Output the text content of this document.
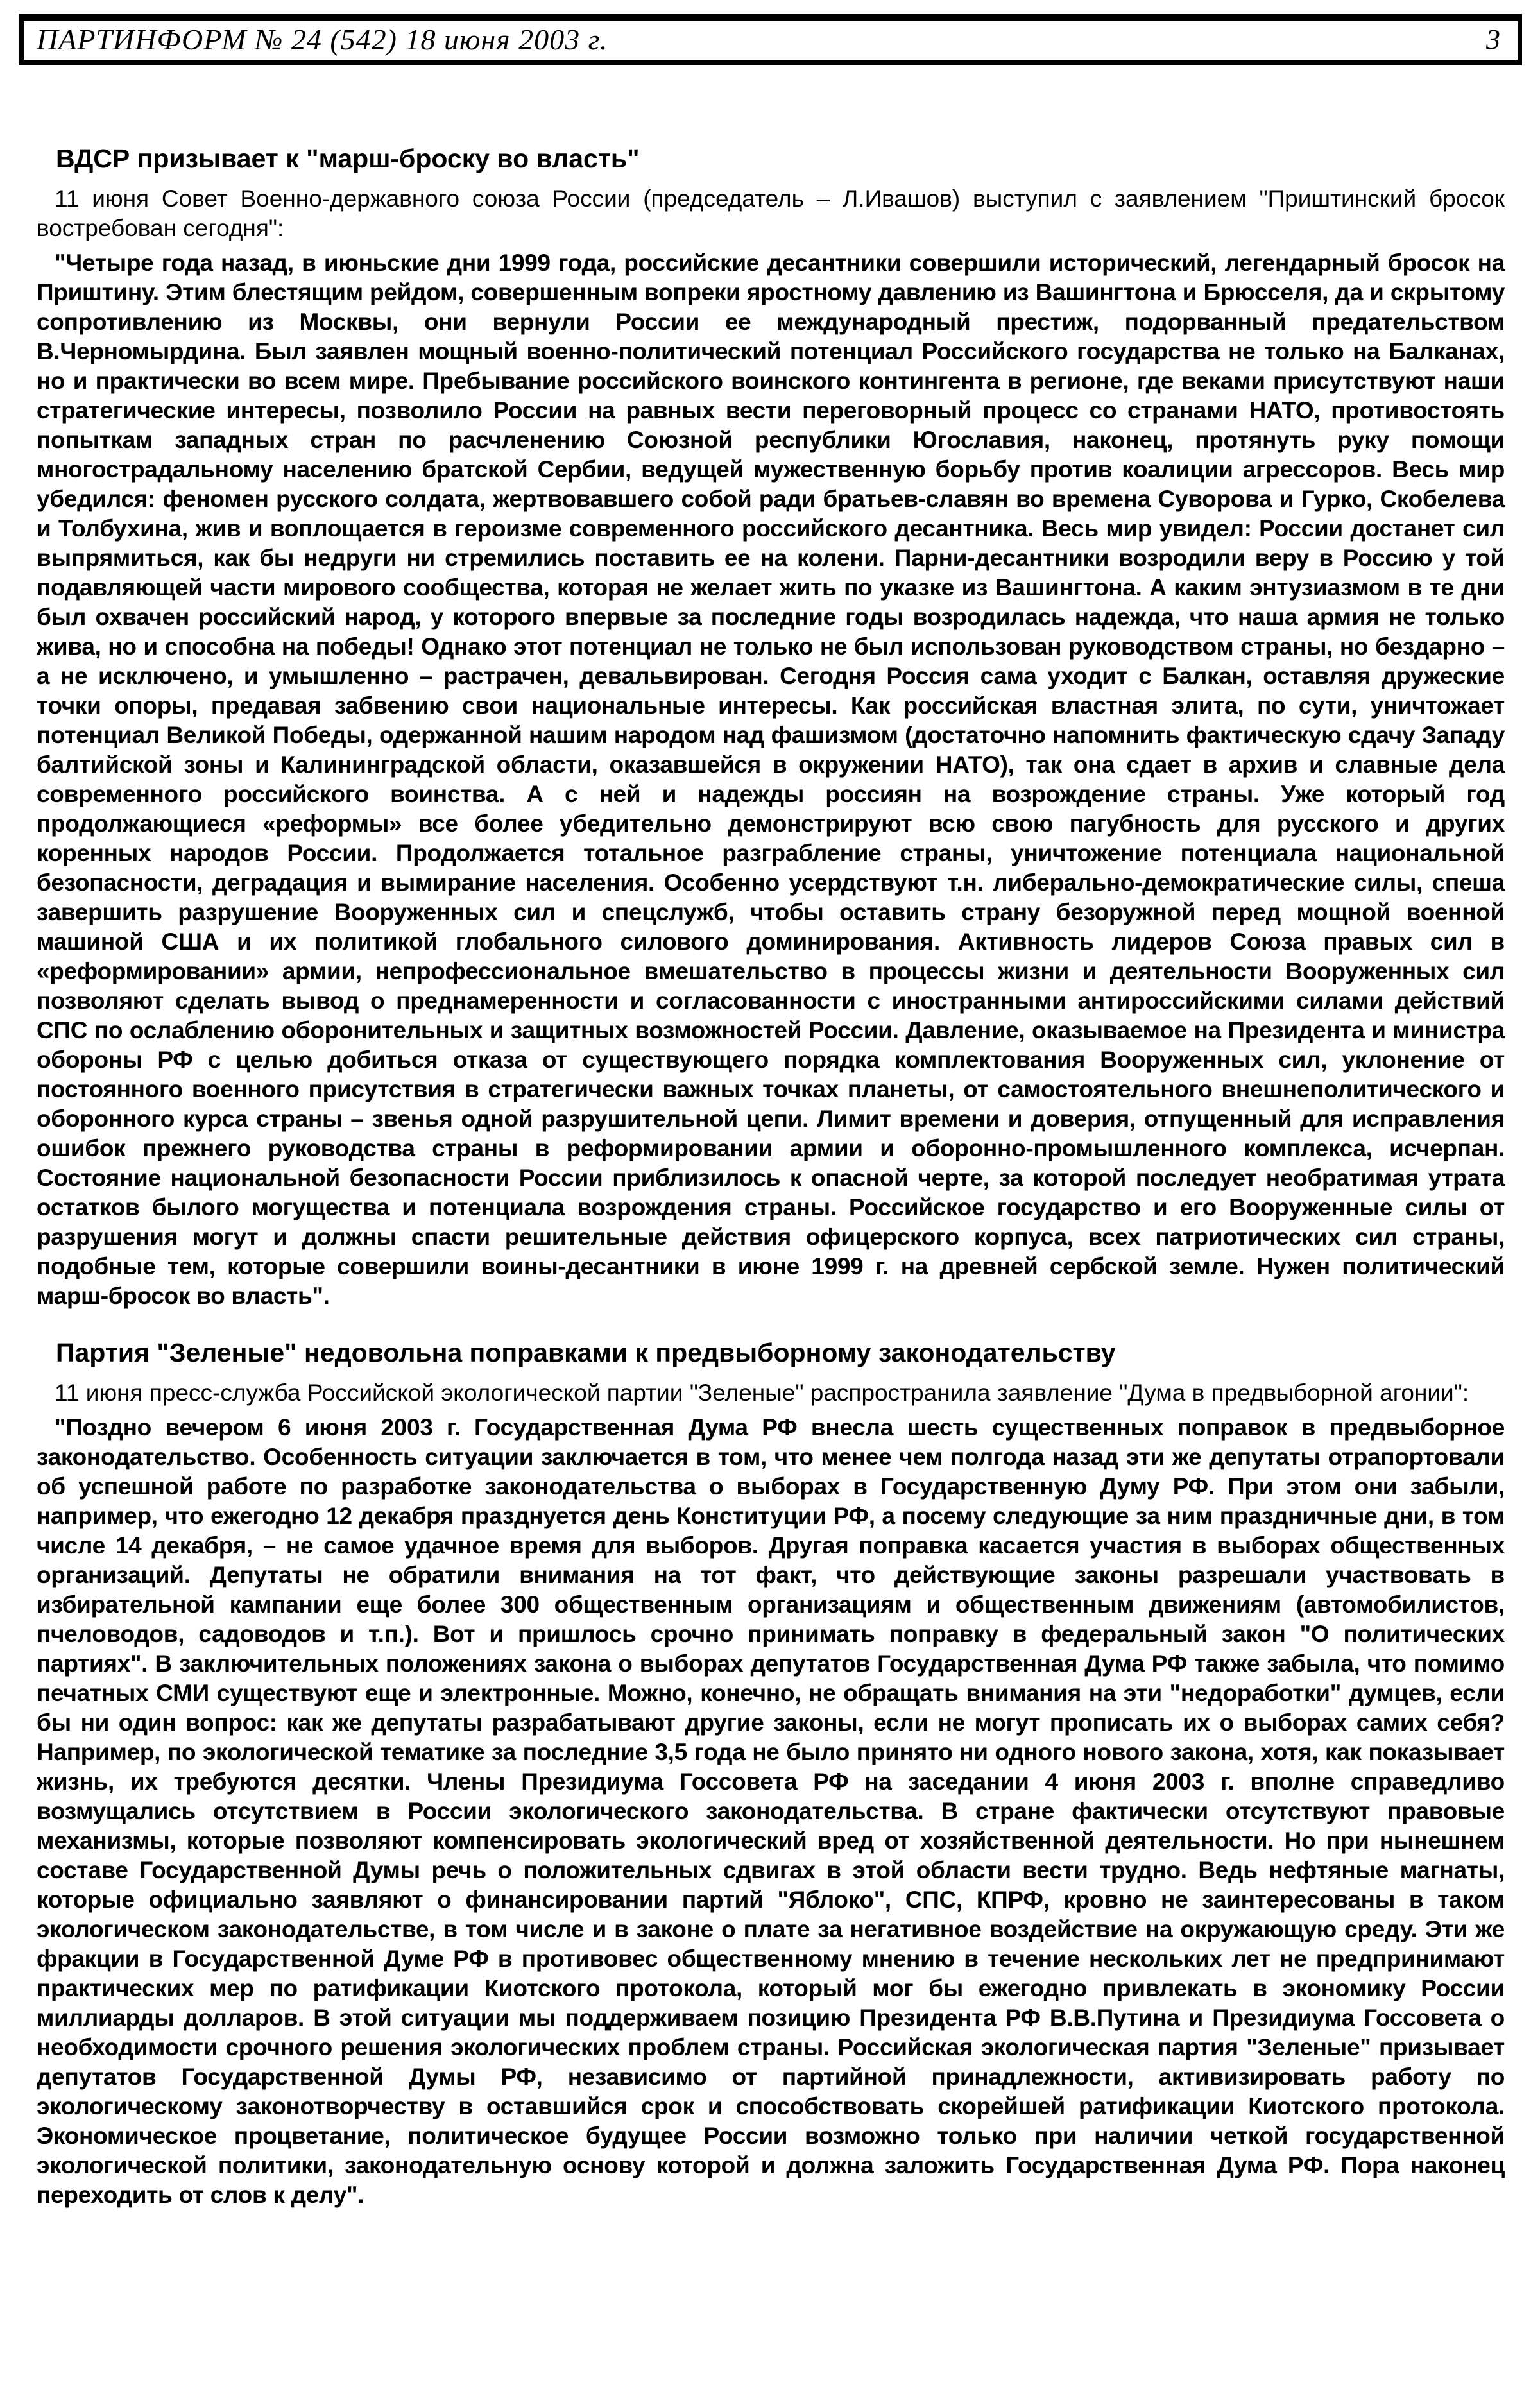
ПАРТИНФОРМ № 24 (542) 18 июня 2003 г.	3
ВДСР призывает к "марш-броску во власть"

11 июня Совет Военно-державного союза России (председатель – Л.Ивашов) выступил с заявлением "Приштинский бросок востребован сегодня":

"Четыре года назад, в июньские дни 1999 года, российские десантники совершили исторический, легендарный бросок на Приштину. Этим блестящим рейдом, совершенным вопреки яростному давлению из Вашингтона и Брюсселя, да и скрытому сопротивлению из Москвы, они вернули России ее международный престиж, подорванный предательством В.Черномырдина. Был заявлен мощный военно-политический потенциал Российского государства не только на Балканах, но и практически во всем мире. Пребывание российского воинского контингента в регионе, где веками присутствуют наши стратегические интересы, позволило России на равных вести переговорный процесс со странами НАТО, противостоять попыткам западных стран по расчленению Союзной республики Югославия, наконец, протянуть руку помощи многострадальному населению братской Сербии, ведущей мужественную борьбу против коалиции агрессоров. Весь мир убедился: феномен русского солдата, жертвовавшего собой ради братьев-славян во времена Суворова и Гурко, Скобелева и Толбухина, жив и воплощается в героизме современного российского десантника. Весь мир увидел: России достанет сил выпрямиться, как бы недруги ни стремились поставить ее на колени. Парни-десантники возродили веру в Россию у той подавляющей части мирового сообщества, которая не желает жить по указке из Вашингтона. А каким энтузиазмом в те дни был охвачен российский народ, у которого впервые за последние годы возродилась надежда, что наша армия не только жива, но и способна на победы! Однако этот потенциал не только не был использован руководством страны, но бездарно – а не исключено, и умышленно – растрачен, девальвирован. Сегодня Россия сама уходит с Балкан, оставляя дружеские точки опоры, предавая забвению свои национальные интересы. Как российская властная элита, по сути, уничтожает потенциал Великой Победы, одержанной нашим народом над фашизмом (достаточно напомнить фактическую сдачу Западу балтийской зоны и Калининградской области, оказавшейся в окружении НАТО), так она сдает в архив и славные дела современного российского воинства. А с ней и надежды россиян на возрождение страны. Уже который год продолжающиеся «реформы» все более убедительно демонстрируют всю свою пагубность для русского и других коренных народов России. Продолжается тотальное разграбление страны, уничтожение потенциала национальной безопасности, деградация и вымирание населения. Особенно усердствуют т.н. либерально-демократические силы, спеша завершить разрушение Вооруженных сил и спецслужб, чтобы оставить страну безоружной перед мощной военной машиной США и их политикой глобального силового доминирования. Активность лидеров Союза правых сил в «реформировании» армии, непрофессиональное вмешательство в процессы жизни и деятельности Вооруженных сил позволяют сделать вывод о преднамеренности и согласованности с иностранными антироссийскими силами действий СПС по ослаблению оборонительных и защитных возможностей России. Давление, оказываемое на Президента и министра обороны РФ с целью добиться отказа от существующего порядка комплектования Вооруженных сил, уклонение от постоянного военного присутствия в стратегически важных точках планеты, от самостоятельного внешнеполитического и оборонного курса страны – звенья одной разрушительной цепи. Лимит времени и доверия, отпущенный для исправления ошибок прежнего руководства страны в реформировании армии и оборонно-промышленного комплекса, исчерпан. Состояние национальной безопасности России приблизилось к опасной черте, за которой последует необратимая утрата остатков былого могущества и потенциала возрождения страны. Российское государство и его Вооруженные силы от разрушения могут и должны спасти решительные действия офицерского корпуса, всех патриотических сил страны, подобные тем, которые совершили воины-десантники в июне 1999 г. на древней сербской земле. Нужен политический марш-бросок во власть".

Партия "Зеленые" недовольна поправками к предвыборному законодательству

11 июня пресс-служба Российской экологической партии "Зеленые" распространила заявление "Дума в предвыборной агонии":

"Поздно вечером 6 июня 2003 г. Государственная Дума РФ внесла шесть существенных поправок в предвыборное законодательство. Особенность ситуации заключается в том, что менее чем полгода назад эти же депутаты отрапортовали об успешной работе по разработке законодательства о выборах в Государственную Думу РФ. При этом они забыли, например, что ежегодно 12 декабря празднуется день Конституции РФ, а посему следующие за ним праздничные дни, в том числе 14 декабря, – не самое удачное время для выборов. Другая поправка касается участия в выборах общественных организаций. Депутаты не обратили внимания на тот факт, что действующие законы разрешали участвовать в избирательной кампании еще более 300 общественным организациям и общественным движениям (автомобилистов, пчеловодов, садоводов и т.п.). Вот и пришлось срочно принимать поправку в федеральный закон "О политических партиях". В заключительных положениях закона о выборах депутатов Государственная Дума РФ также забыла, что помимо печатных СМИ существуют еще и электронные. Можно, конечно, не обращать внимания на эти "недоработки" думцев, если бы ни один вопрос: как же депутаты разрабатывают другие законы, если не могут прописать их о выборах самих себя? Например, по экологической тематике за последние 3,5 года не было принято ни одного нового закона, хотя, как показывает жизнь, их требуются десятки. Члены Президиума Госсовета РФ на заседании 4 июня 2003 г. вполне справедливо возмущались отсутствием в России экологического законодательства. В стране фактически отсутствуют правовые механизмы, которые позволяют компенсировать экологический вред от хозяйственной деятельности. Но при нынешнем составе Государственной Думы речь о положительных сдвигах в этой области вести трудно. Ведь нефтяные магнаты, которые официально заявляют о финансировании партий "Яблоко", СПС, КПРФ, кровно не заинтересованы в таком экологическом законодательстве, в том числе и в законе о плате за негативное воздействие на окружающую среду. Эти же фракции в Государственной Думе РФ в противовес общественному мнению в течение нескольких лет не предпринимают практических мер по ратификации Киотского протокола, который мог бы ежегодно привлекать в экономику России миллиарды долларов. В этой ситуации мы поддерживаем позицию Президента РФ В.В.Путина и Президиума Госсовета о необходимости срочного решения экологических проблем страны. Российская экологическая партия "Зеленые" призывает депутатов Государственной Думы РФ, независимо от партийной принадлежности, активизировать работу по экологическому законотворчеству в оставшийся срок и способствовать скорейшей ратификации Киотского протокола. Экономическое процветание, политическое будущее России возможно только при наличии четкой государственной экологической политики, законодательную основу которой и должна заложить Государственная Дума РФ. Пора наконец переходить от слов к делу".
